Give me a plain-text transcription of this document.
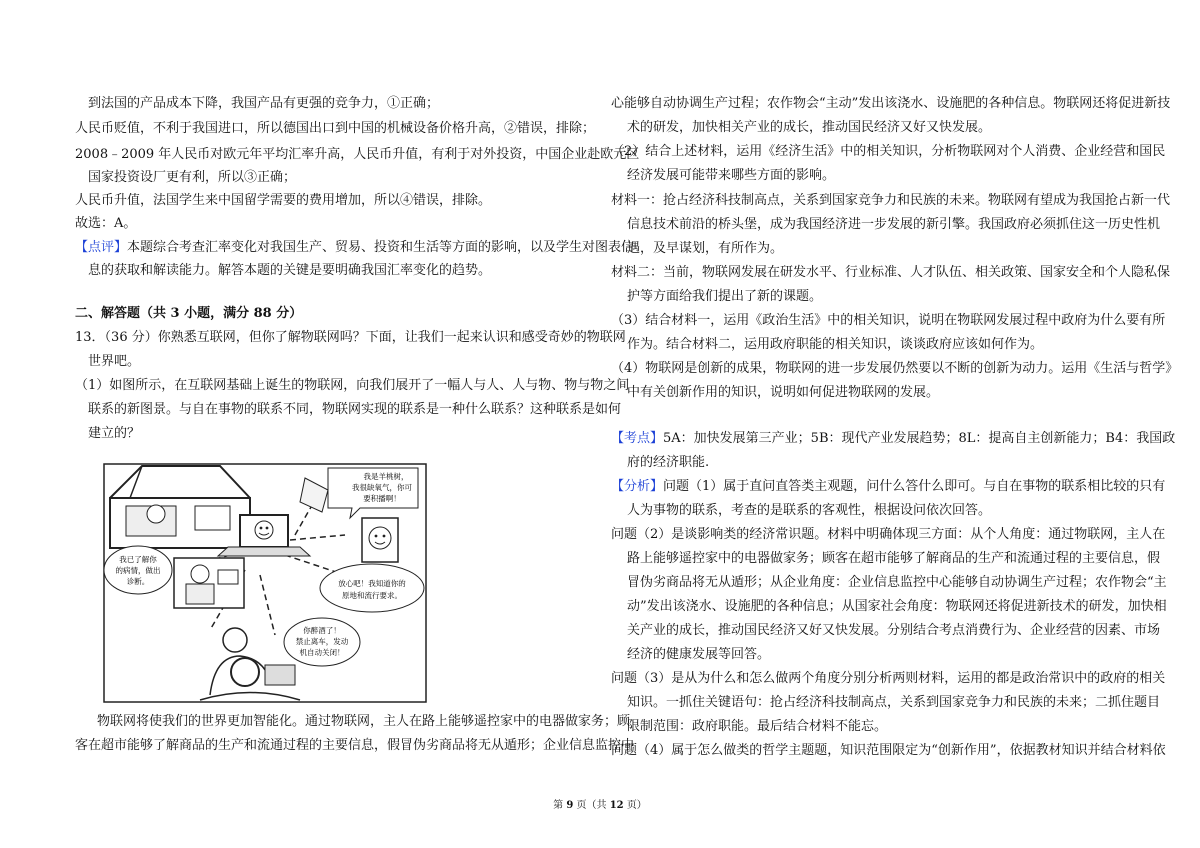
到法国的产品成本下降，我国产品有更强的竞争力，①正确；
人民币贬值，不利于我国进口，所以德国出口到中国的机械设备价格升高，②错误，排除；
2008﹣2009 年人民币对欧元年平均汇率升高，人民币升值，有利于对外投资，中国企业赴欧元区
国家投资设厂更有利，所以③正确；
人民币升值，法国学生来中国留学需要的费用增加，所以④错误，排除。
故选：A。
【点评】本题综合考查汇率变化对我国生产、贸易、投资和生活等方面的影响，以及学生对图表信
息的获取和解读能力。解答本题的关键是要明确我国汇率变化的趋势。
二、解答题（共 3 小题，满分 88 分）
13．（36 分）你熟悉互联网，但你了解物联网吗？下面，让我们一起来认识和感受奇妙的物联网
世界吧。
（1）如图所示，在互联网基础上诞生的物联网，向我们展开了一幅人与人、人与物、物与物之间
联系的新图景。与自在事物的联系不同，物联网实现的联系是一种什么联系？这种联系是如何
建立的？
我是羊桃树，
我很缺氧气，你可
要积播啊！
放心吧！我知道你的
原地和流行要求。
我已了解你
的病情，做出
诊断。
你醉酒了！
禁止离车，发动
机自动关闭！
物联网将使我们的世界更加智能化。通过物联网，主人在路上能够遥控家中的电器做家务；顾
客在超市能够了解商品的生产和流通过程的主要信息，假冒伪劣商品将无从遁形；企业信息监控中
心能够自动协调生产过程；农作物会“主动”发出该浇水、设施肥的各种信息。物联网还将促进新技
术的研发，加快相关产业的成长，推动国民经济又好又快发展。
（2）结合上述材料，运用《经济生活》中的相关知识，分析物联网对个人消费、企业经营和国民
经济发展可能带来哪些方面的影响。
材料一：抢占经济科技制高点，关系到国家竞争力和民族的未来。物联网有望成为我国抢占新一代
信息技术前沿的桥头堡，成为我国经济进一步发展的新引擎。我国政府必须抓住这一历史性机
遇，及早谋划，有所作为。
材料二：当前，物联网发展在研发水平、行业标准、人才队伍、相关政策、国家安全和个人隐私保
护等方面给我们提出了新的课题。
（3）结合材料一，运用《政治生活》中的相关知识，说明在物联网发展过程中政府为什么要有所
作为。结合材料二，运用政府职能的相关知识，谈谈政府应该如何作为。
（4）物联网是创新的成果，物联网的进一步发展仍然要以不断的创新为动力。运用《生活与哲学》
中有关创新作用的知识，说明如何促进物联网的发展。
【考点】5A：加快发展第三产业；5B：现代产业发展趋势；8L：提高自主创新能力；B4：我国政
府的经济职能.
【分析】问题（1）属于直问直答类主观题，问什么答什么即可。与自在事物的联系相比较的只有
人为事物的联系，考查的是联系的客观性，根据设问依次回答。
问题（2）是谈影响类的经济常识题。材料中明确体现三方面：从个人角度：通过物联网，主人在
路上能够遥控家中的电器做家务；顾客在超市能够了解商品的生产和流通过程的主要信息，假
冒伪劣商品将无从遁形；从企业角度：企业信息监控中心能够自动协调生产过程；农作物会“主
动”发出该浇水、设施肥的各种信息；从国家社会角度：物联网还将促进新技术的研发，加快相
关产业的成长，推动国民经济又好又快发展。分别结合考点消费行为、企业经营的因素、市场
经济的健康发展等回答。
问题（3）是从为什么和怎么做两个角度分别分析两则材料，运用的都是政治常识中的政府的相关
知识。一抓住关键语句：抢占经济科技制高点，关系到国家竞争力和民族的未来；二抓住题目
限制范围：政府职能。最后结合材料不能忘。
问题（4）属于怎么做类的哲学主题题，知识范围限定为“创新作用”，依据教材知识并结合材料依
第 9 页（共 12 页）
